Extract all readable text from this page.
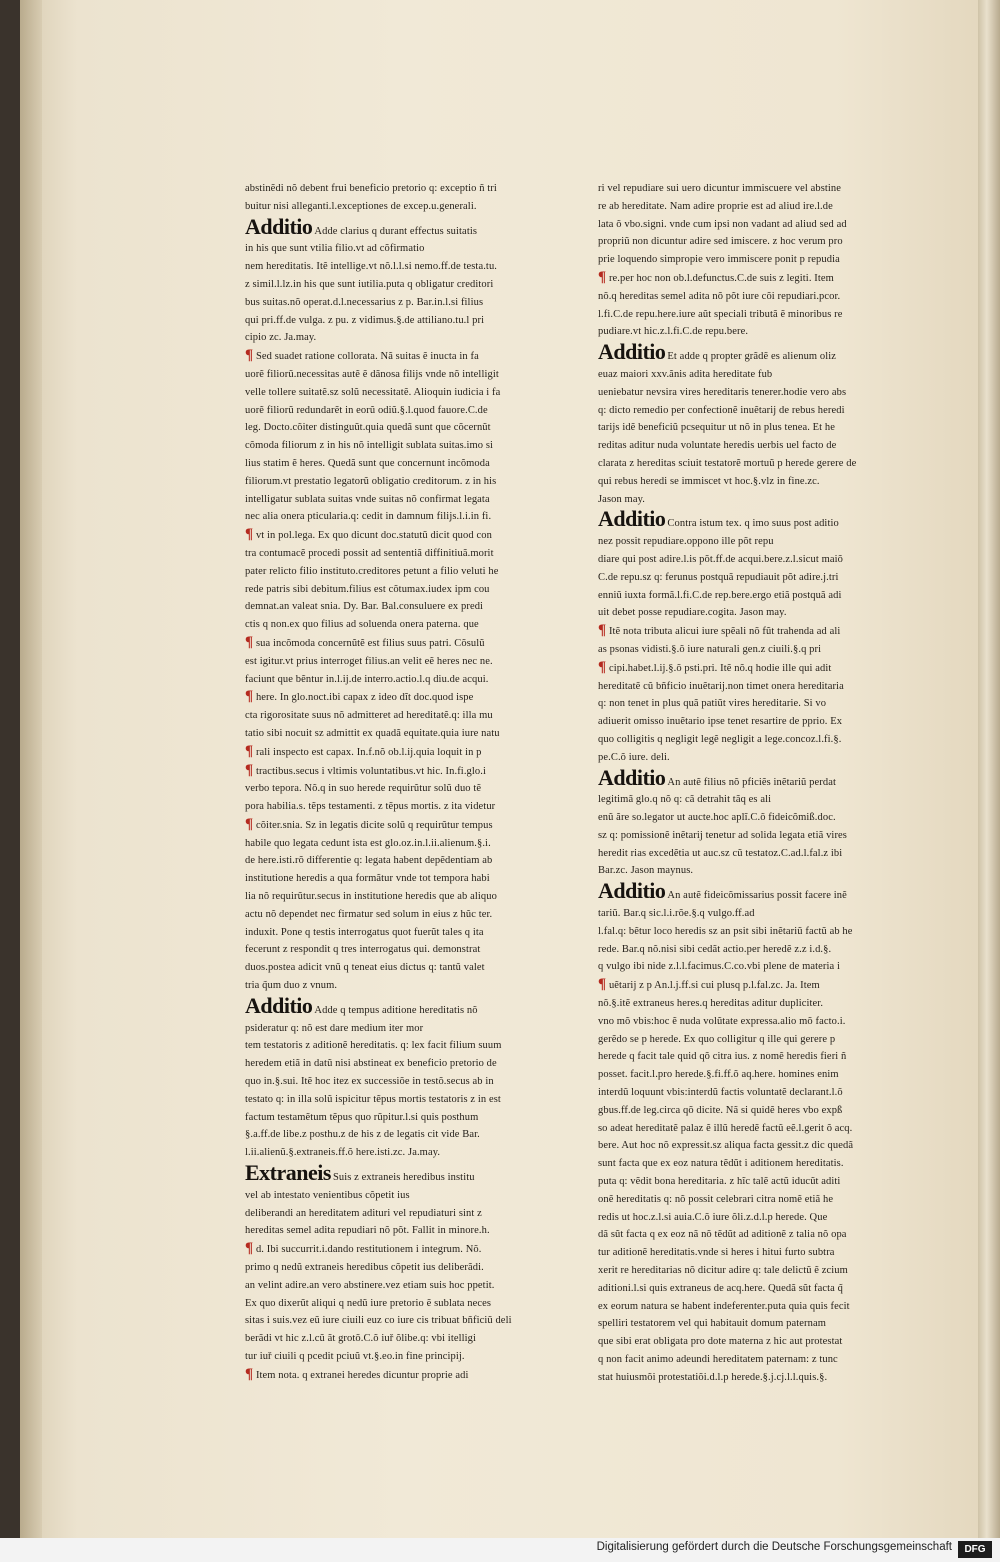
abstinẽdi nõ debent frui beneficio pretorio q: exceptio ñ tri
buitur nisi alleganti.l.exceptiones de excep.u.generali.
Additio Adde clarius q durant effectus suitatis
in his que sunt vtilia filio.vt ad cõfirmatio
nem hereditatis. Itẽ intellige.vt nõ.l.l.si nemo.ff.de testa.tu.
z simil.l.lz.in his que sunt iutilia.puta q obligatur creditori
bus suitas.nõ operat.d.l.necessarius z p. Bar.in.l.si filius
qui pri.ff.de vulga. z pu. z vidimus.§.de attiliano.tu.l pri
cipio zc. Ja.may.
¶ Sed suadet ratione collorata. Nã suitas ẽ inucta in fa
uorẽ filiorũ.necessitas autẽ ẽ dãnosa filijs vnde nõ intelligit
velle tollere suitatẽ.sz solũ necessitatẽ. Alioquin iudicia i fa
uorẽ filiorũ redundarẽt in eorũ odiũ.§.l.quod fauore.C.de
leg. Docto.cõiter distinguũt.quia quedã sunt que cõcernũt
cõmoda filiorum z in his nõ intelligit sublata suitas.imo si
lius statim ẽ heres. Quedã sunt que concernunt incõmoda
filiorum.vt prestatio legatorũ obligatio creditorum. z in his
intelligatur sublata suitas vnde suitas nõ confirmat legata
nec alia onera pticularia.q: cedit in damnum filijs.l.i.in fi.
¶ vt in pol.lega. Ex quo dicunt doc.statutũ dicit quod con
tra contumacẽ procedi possit ad sententiã diffinitiuã.morit
pater relicto filio instituto.creditores petunt a filio veluti he
rede patris sibi debitum.filius est cõtumax.iudex ipm cou
demnat.an valeat snia. Dy. Bar. Bal.consuluere ex predi
ctis q non.ex quo filius ad soluenda onera paterna. que
¶ sua incõmoda concernũtẽ est filius suus patri. Cõsulũ
est igitur.vt prius interroget filius.an velit eẽ heres nec ne.
faciunt que bẽntur in.l.ij.de interro.actio.l.q diu.de acqui.
¶ here. In glo.noct.ibi capax z ideo dĩt doc.quod ispe
cta rigorositate suus nõ admitteret ad hereditatẽ.q: illa mu
tatio sibi nocuit sz admittit ex quadã equitate.quia iure natu
¶ rali inspecto est capax. In.f.nõ ob.l.ij.quia loquit in p
¶ tractibus.secus i vltimis voluntatibus.vt hic. In.fi.glo.i
verbo tepora. Nõ.q in suo herede requirũtur solũ duo tẽ
pora habilia.s. tẽps testamenti. z tẽpus mortis. z ita videtur
¶ cõiter.snia. Sz in legatis dicite solũ q requirũtur tempus
habile quo legata cedunt ista est glo.oz.in.l.ii.alienum.§.i.
de here.isti.rõ differentie q: legata habent depẽdentiam ab
institutione heredis a qua formãtur vnde tot tempora habi
lia nõ requirũtur.secus in institutione heredis que ab aliquo
actu nõ dependet nec firmatur sed solum in eius z hũc ter.
induxit. Pone q testis interrogatus quot fuerũt tales q ita
fecerunt z respondit q tres interrogatus qui. demonstrat
duos.postea adicit vnũ q teneat eius dictus q: tantũ valet
tria q̃um duo z vnum.
Additio Adde q tempus aditione hereditatis nõ
psideratur q: nõ est dare medium iter mor
tem testatoris z aditionẽ hereditatis. q: lex facit filium suum
heredem etiã in datũ nisi abstineat ex beneficio pretorio de
quo in.§.sui. Itẽ hoc itez ex successiõe in testõ.secus ab in
testato q: in illa solũ ispicitur tẽpus mortis testatoris z in est
factum testamẽtum tẽpus quo rũpitur.l.si quis posthum
§.a.ff.de libe.z posthu.z de his z de legatis cit vide Bar.
l.ii.alienũ.§.extraneis.ff.õ here.isti.zc. Ja.may.
Extraneis Suis z extraneis heredibus institu
vel ab intestato venientibus cõpetit ius
deliberandi an hereditatem adituri vel repudiaturi sint z
hereditas semel adita repudiari nõ põt. Fallit in minore.h.
¶ d. Ibi succurrit.i.dando restitutionem i integrum. Nõ.
primo q nedũ extraneis heredibus cõpetit ius deliberãdi.
an velint adire.an vero abstinere.vez etiam suis hoc ppetit.
Ex quo dixerũt aliqui q nedũ iure pretorio ẽ sublata neces
sitas i suis.vez eũ iure ciuili euz co iure cis tribuat bñficiũ deli
berãdi vt hic z.l.cũ ãt grotõ.C.õ iuř õlibe.q: vbi itelligi
tur iuř ciuili q pcedit pciuũ vt.§.eo.in fine principij.
¶ Item nota. q extranei heredes dicuntur proprie adi
ri vel repudiare sui uero dicuntur immiscuere vel abstine
re ab hereditate. Nam adire proprie est ad aliud ire.l.de
lata õ vbo.signi. vnde cum ipsi non vadant ad aliud sed ad
propriũ non dicuntur adire sed imiscere. z hoc verum pro
prie loquendo simpropie vero immiscere ponit p repudia
¶ re.per hoc non ob.l.defunctus.C.de suis z legiti. Item
nõ.q hereditas semel adita nõ põt iure cõi repudiari.pcor.
l.fi.C.de repu.here.iure aũt speciali tributã ẽ minoribus re
pudiare.vt hic.z.l.fi.C.de repu.bere.
Additio Et adde q propter grãdẽ es alienum oliz
euaz maiori xxv.ãnis adita hereditate fub
ueniebatur nevsira vires hereditaris tenerer.hodie vero abs
q: dicto remedio per confectionẽ inuẽtarij de rebus heredi
tarijs idẽ beneficiũ pcsequitur ut nõ in plus tenea. Et he
reditas aditur nuda voluntate heredis uerbis uel facto de
clarata z hereditas sciuit testatorẽ mortuũ p herede gerere de
qui rebus heredi se immiscet vt hoc.§.vlz in fine.zc.
Jason may.
Additio Contra istum tex. q imo suus post aditio
nez possit repudiare.oppono ille põt repu
diare qui post adire.l.is põt.ff.de acqui.bere.z.l.sicut maiõ
C.de repu.sz q: ferunus postquã repudiauit põt adire.j.tri
enniũ iuxta formã.l.fi.C.de rep.bere.ergo etiã postquã adi
uit debet posse repudiare.cogita. Jason may.
¶ Itẽ nota tributa alicui iure spẽali nõ fũt trahenda ad ali
as psonas vidisti.§.õ iure naturali gen.z ciuili.§.q pri
¶ cipi.habet.l.ij.§.õ psti.pri. Itẽ nõ.q hodie ille qui adit
hereditatẽ cũ bñficio inuẽtarij.non timet onera hereditaria
q: non tenet in plus quã patiũt vires hereditarie. Si vo
adiuerit omisso inuẽtario ipse tenet resartire de pprio. Ex
quo colligitis q negligit legẽ negligit a lege.concoz.l.fi.§.
pe.C.õ iure. deli.
Additio An autẽ filius nõ pficiẽs inẽtariũ perdat
legitimã glo.q nõ q: cã detrahit tãq es ali
enũ ãre so.legator ut aucte.hoc aplĩ.C.õ fideicõmiß.doc.
sz q: pomissionẽ inẽtarij tenetur ad solida legata etiã vires
heredit rias excedẽtia ut auc.sz cũ testatoz.C.ad.l.fal.z ibi
Bar.zc. Jason maynus.
Additio An autẽ fideicõmissarius possit facere inẽ
tariũ. Bar.q sic.l.i.rõe.§.q vulgo.ff.ad
l.fal.q: bẽtur loco heredis sz an psit sibi inẽtariũ factũ ab he
rede. Bar.q nõ.nisi sibi cedãt actio.per heredẽ z.z i.d.§.
q vulgo ibi nide z.l.l.facimus.C.co.vbi plene de materia i
¶ uẽtarij z p An.l.j.ff.si cui plusq p.l.fal.zc. Ja. Item
nõ.§.itẽ extraneus heres.q hereditas aditur dupliciter.
vno mõ vbis:hoc ẽ nuda volũtate expressa.alio mõ facto.i.
gerẽdo se p herede. Ex quo colligitur q ille qui gerere p
herede q facit tale quid qõ citra ius. z nomẽ heredis fieri ñ
posset. facit.l.pro herede.§.fi.ff.õ aq.here. homines enim
interdũ loquunt vbis:interdũ factis voluntatẽ declarant.l.õ
gbus.ff.de leg.circa qõ dicite. Nã si quidẽ heres vbo expß
so adeat hereditatẽ palaz ẽ illũ heredẽ factũ eẽ.l.gerit õ acq.
bere. Aut hoc nõ expressit.sz aliqua facta gessit.z dic quedã
sunt facta que ex eoz natura tẽdũt i aditionem hereditatis.
puta q: vẽdit bona hereditaria. z hĩc talẽ actũ iducũt aditi
onẽ hereditatis q: nõ possit celebrari citra nomẽ etiã he
redis ut hoc.z.l.si auia.C.õ iure õli.z.d.l.p herede. Que
dã sũt facta q ex eoz nã nõ tẽdũt ad aditionẽ z talia nõ opa
tur aditionẽ hereditatis.vnde si heres i hitui furto subtra
xerit re hereditarias nõ dicitur adire q: tale delictũ ẽ zcium
aditioni.l.si quis extraneus de acq.here. Quedã sũt facta q̃
ex eorum natura se habent indeferenter.puta quia quis fecit
spelliri testatorem vel qui habitauit domum paternam
que sibi erat obligata pro dote materna z hic aut protestat
q non facit animo adeundi hereditatem paternam: z tunc
stat huiusmõi protestatiõi.d.l.p herede.§.j.cj.l.l.quis.§.
Digitalisierung gefördert durch die Deutsche Forschungsgemeinschaft	DFG
